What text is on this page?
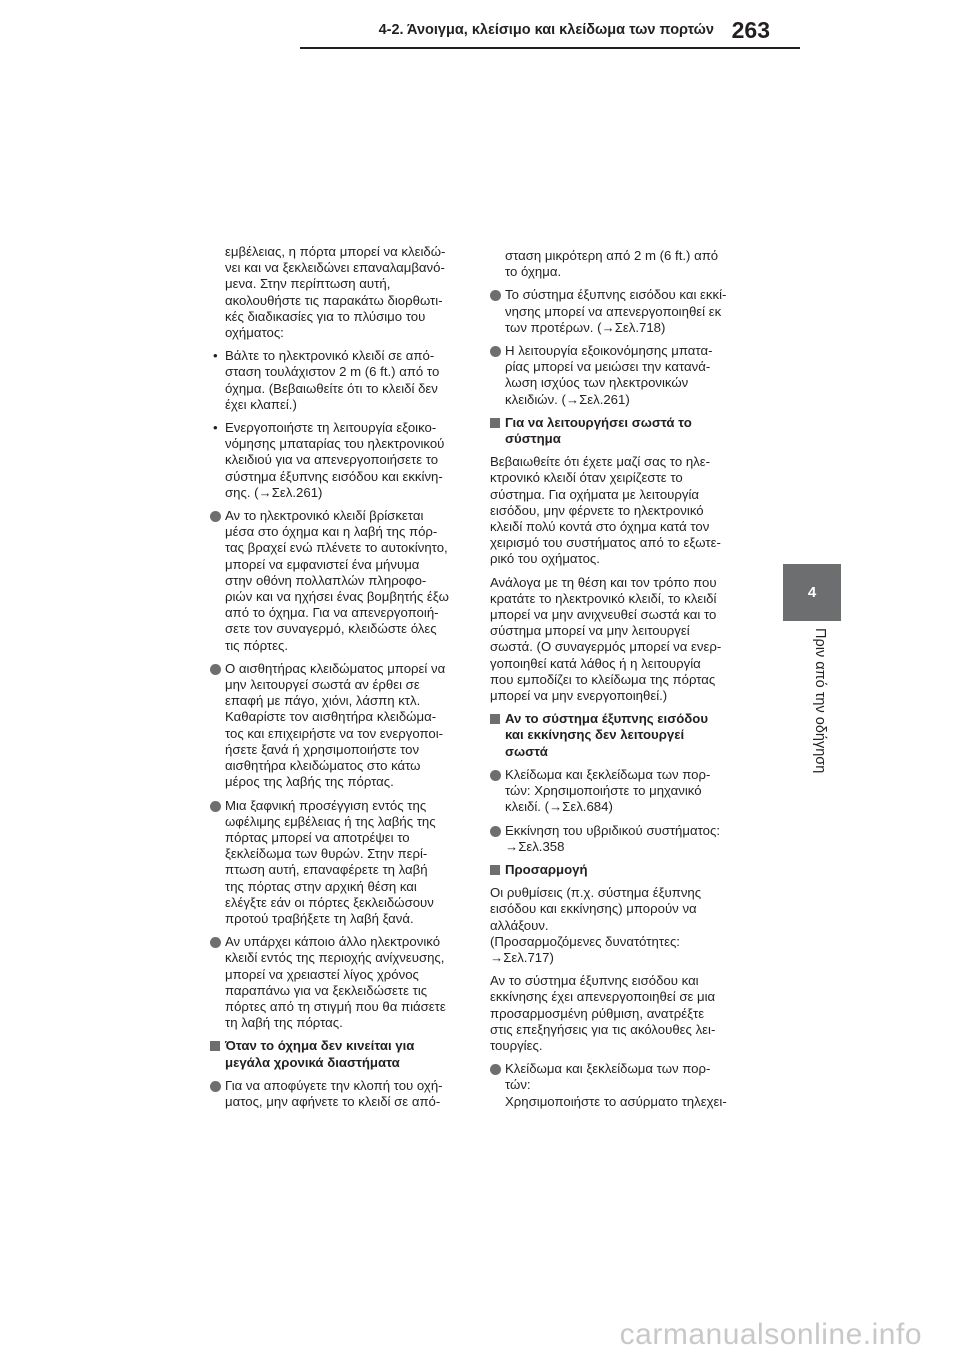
4-2. Άνοιγμα, κλείσιμο και κλείδωμα των πορτών 263
4
Πριν από την οδήγηση
εμβέλειας, η πόρτα μπορεί να κλειδώ-
νει και να ξεκλειδώνει επαναλαμβανό-
μενα. Στην περίπτωση αυτή,
ακολουθήστε τις παρακάτω διορθωτι-
κές διαδικασίες για το πλύσιμο του
οχήματος:
• Βάλτε το ηλεκτρονικό κλειδί σε από-
σταση τουλάχιστον 2 m (6 ft.) από το
όχημα. (Βεβαιωθείτε ότι το κλειδί δεν
έχει κλαπεί.)
• Ενεργοποιήστε τη λειτουργία εξοικο-
νόμησης μπαταρίας του ηλεκτρονικού
κλειδιού για να απενεργοποιήσετε το
σύστημα έξυπνης εισόδου και εκκίνη-
σης. (→Σελ.261)
Αν το ηλεκτρονικό κλειδί βρίσκεται
μέσα στο όχημα και η λαβή της πόρ-
τας βραχεί ενώ πλένετε το αυτοκίνητο,
μπορεί να εμφανιστεί ένα μήνυμα
στην οθόνη πολλαπλών πληροφο-
ριών και να ηχήσει ένας βομβητής έξω
από το όχημα. Για να απενεργοποιή-
σετε τον συναγερμό, κλειδώστε όλες
τις πόρτες.
Ο αισθητήρας κλειδώματος μπορεί να
μην λειτουργεί σωστά αν έρθει σε
επαφή με πάγο, χιόνι, λάσπη κτλ.
Καθαρίστε τον αισθητήρα κλειδώμα-
τος και επιχειρήστε να τον ενεργοποι-
ήσετε ξανά ή χρησιμοποιήστε τον
αισθητήρα κλειδώματος στο κάτω
μέρος της λαβής της πόρτας.
Μια ξαφνική προσέγγιση εντός της
ωφέλιμης εμβέλειας ή της λαβής της
πόρτας μπορεί να αποτρέψει το
ξεκλείδωμα των θυρών. Στην περί-
πτωση αυτή, επαναφέρετε τη λαβή
της πόρτας στην αρχική θέση και
ελέγξτε εάν οι πόρτες ξεκλειδώσουν
προτού τραβήξετε τη λαβή ξανά.
Αν υπάρχει κάποιο άλλο ηλεκτρονικό
κλειδί εντός της περιοχής ανίχνευσης,
μπορεί να χρειαστεί λίγος χρόνος
παραπάνω για να ξεκλειδώσετε τις
πόρτες από τη στιγμή που θα πιάσετε
τη λαβή της πόρτας.
Όταν το όχημα δεν κινείται για
μεγάλα χρονικά διαστήματα
Για να αποφύγετε την κλοπή του οχή-
ματος, μην αφήνετε το κλειδί σε από-
σταση μικρότερη από 2 m (6 ft.) από
το όχημα.
Το σύστημα έξυπνης εισόδου και εκκί-
νησης μπορεί να απενεργοποιηθεί εκ
των προτέρων. (→Σελ.718)
Η λειτουργία εξοικονόμησης μπατα-
ρίας μπορεί να μειώσει την κατανά-
λωση ισχύος των ηλεκτρονικών
κλειδιών. (→Σελ.261)
Για να λειτουργήσει σωστά το
σύστημα
Βεβαιωθείτε ότι έχετε μαζί σας το ηλε-
κτρονικό κλειδί όταν χειρίζεστε το
σύστημα. Για οχήματα με λειτουργία
εισόδου, μην φέρνετε το ηλεκτρονικό
κλειδί πολύ κοντά στο όχημα κατά τον
χειρισμό του συστήματος από το εξωτε-
ρικό του οχήματος.
Ανάλογα με τη θέση και τον τρόπο που
κρατάτε το ηλεκτρονικό κλειδί, το κλειδί
μπορεί να μην ανιχνευθεί σωστά και το
σύστημα μπορεί να μην λειτουργεί
σωστά. (Ο συναγερμός μπορεί να ενερ-
γοποιηθεί κατά λάθος ή η λειτουργία
που εμποδίζει το κλείδωμα της πόρτας
μπορεί να μην ενεργοποιηθεί.)
Αν το σύστημα έξυπνης εισόδου
και εκκίνησης δεν λειτουργεί
σωστά
Κλείδωμα και ξεκλείδωμα των πορ-
τών: Χρησιμοποιήστε το μηχανικό
κλειδί. (→Σελ.684)
Εκκίνηση του υβριδικού συστήματος:
→Σελ.358
Προσαρμογή
Οι ρυθμίσεις (π.χ. σύστημα έξυπνης
εισόδου και εκκίνησης) μπορούν να
αλλάξουν.
(Προσαρμοζόμενες δυνατότητες:
→Σελ.717)
Αν το σύστημα έξυπνης εισόδου και
εκκίνησης έχει απενεργοποιηθεί σε μια
προσαρμοσμένη ρύθμιση, ανατρέξτε
στις επεξηγήσεις για τις ακόλουθες λει-
τουργίες.
Κλείδωμα και ξεκλείδωμα των πορ-
τών:
Χρησιμοποιήστε το ασύρματο τηλεχει-
carmanualsonline.info
